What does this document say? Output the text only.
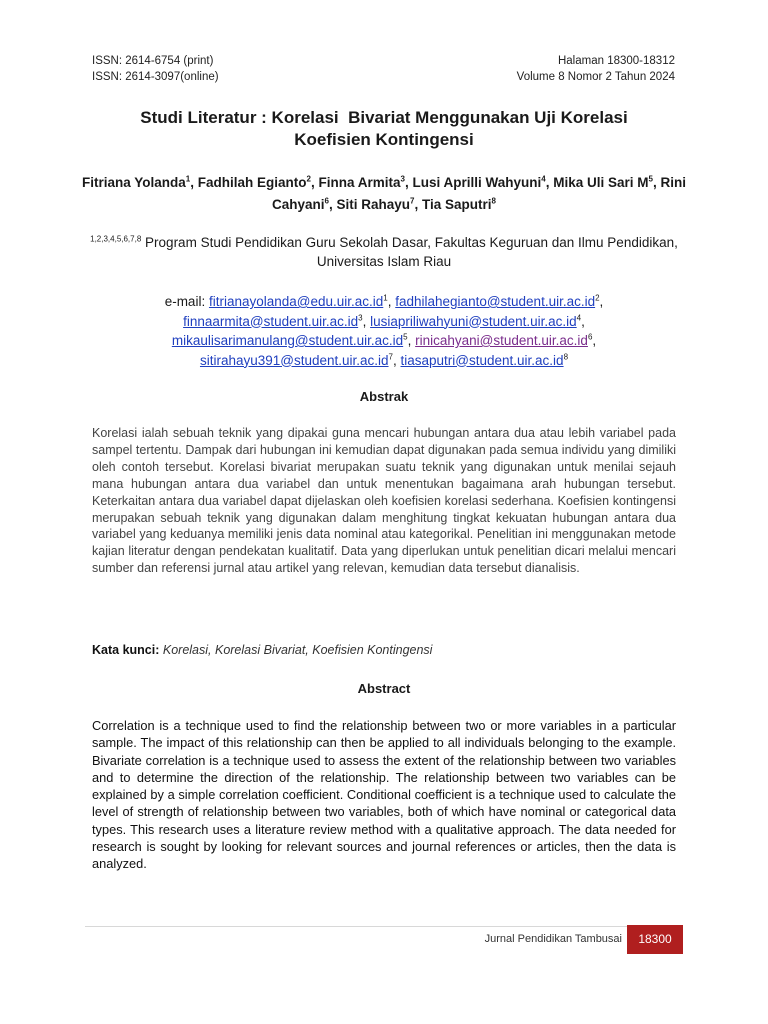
ISSN: 2614-6754 (print)
ISSN: 2614-3097(online)
Halaman 18300-18312
Volume 8 Nomor 2 Tahun 2024
Studi Literatur : Korelasi  Bivariat Menggunakan Uji Korelasi
Koefisien Kontingensi
Fitriana Yolanda$^1$, Fadhilah Egianto$^2$, Finna Armita$^3$, Lusi Aprilli Wahyuni$^4$, Mika Uli Sari $M^5$, Rini Cahyani$^6$, Siti Rahayu$^7$, Tia Saputri$^8$
$^{1,2,3,4,5,6,7,8}$ Program Studi Pendidikan Guru Sekolah Dasar, Fakultas Keguruan dan Ilmu Pendidikan, Universitas Islam Riau
e-mail: $fitrianayolanda@edu.uir.ac.id^1$, $fadhilahegianto@student.uir.ac.id^2$,
$finnaarmita@student.uir.ac.id^3$, $lusiapriliwahyuni@student.uir.ac.id^4$,
$mikaulisarimanulang@student.uir.ac.id^5$, $rinicahyani@student.uir.ac.id^6$,
$sitirahayu391@student.uir.ac.id^7$, $tiasaputri@student.uir.ac.id^8$
Abstrak
Korelasi ialah sebuah teknik yang dipakai guna mencari hubungan antara dua atau lebih variabel pada sampel tertentu. Dampak dari hubungan ini kemudian dapat digunakan pada semua individu yang dimiliki oleh contoh tersebut. Korelasi bivariat merupakan suatu teknik yang digunakan untuk menilai sejauh mana hubungan antara dua variabel dan untuk menentukan bagaimana arah hubungan tersebut. Keterkaitan antara dua variabel dapat dijelaskan oleh koefisien korelasi sederhana. Koefisien kontingensi merupakan sebuah teknik yang digunakan dalam menghitung tingkat kekuatan hubungan antara dua variabel yang keduanya memiliki jenis data nominal atau kategorikal. Penelitian ini menggunakan metode kajian literatur dengan pendekatan kualitatif. Data yang diperlukan untuk penelitian dicari melalui mencari sumber dan referensi jurnal atau artikel yang relevan, kemudian data tersebut dianalisis.
Kata kunci: Korelasi, Korelasi Bivariat, Koefisien Kontingensi
Abstract
Correlation is a technique used to find the relationship between two or more variables in a particular sample. The impact of this relationship can then be applied to all individuals belonging to the example. Bivariate correlation is a technique used to assess the extent of the relationship between two variables and to determine the direction of the relationship. The relationship between two variables can be explained by a simple correlation coefficient. Conditional coefficient is a technique used to calculate the level of strength of relationship between two variables, both of which have nominal or categorical data types. This research uses a literature review method with a qualitative approach. The data needed for research is sought by looking for relevant sources and journal references or articles, then the data is analyzed.
Jurnal Pendidikan Tambusai	18300
